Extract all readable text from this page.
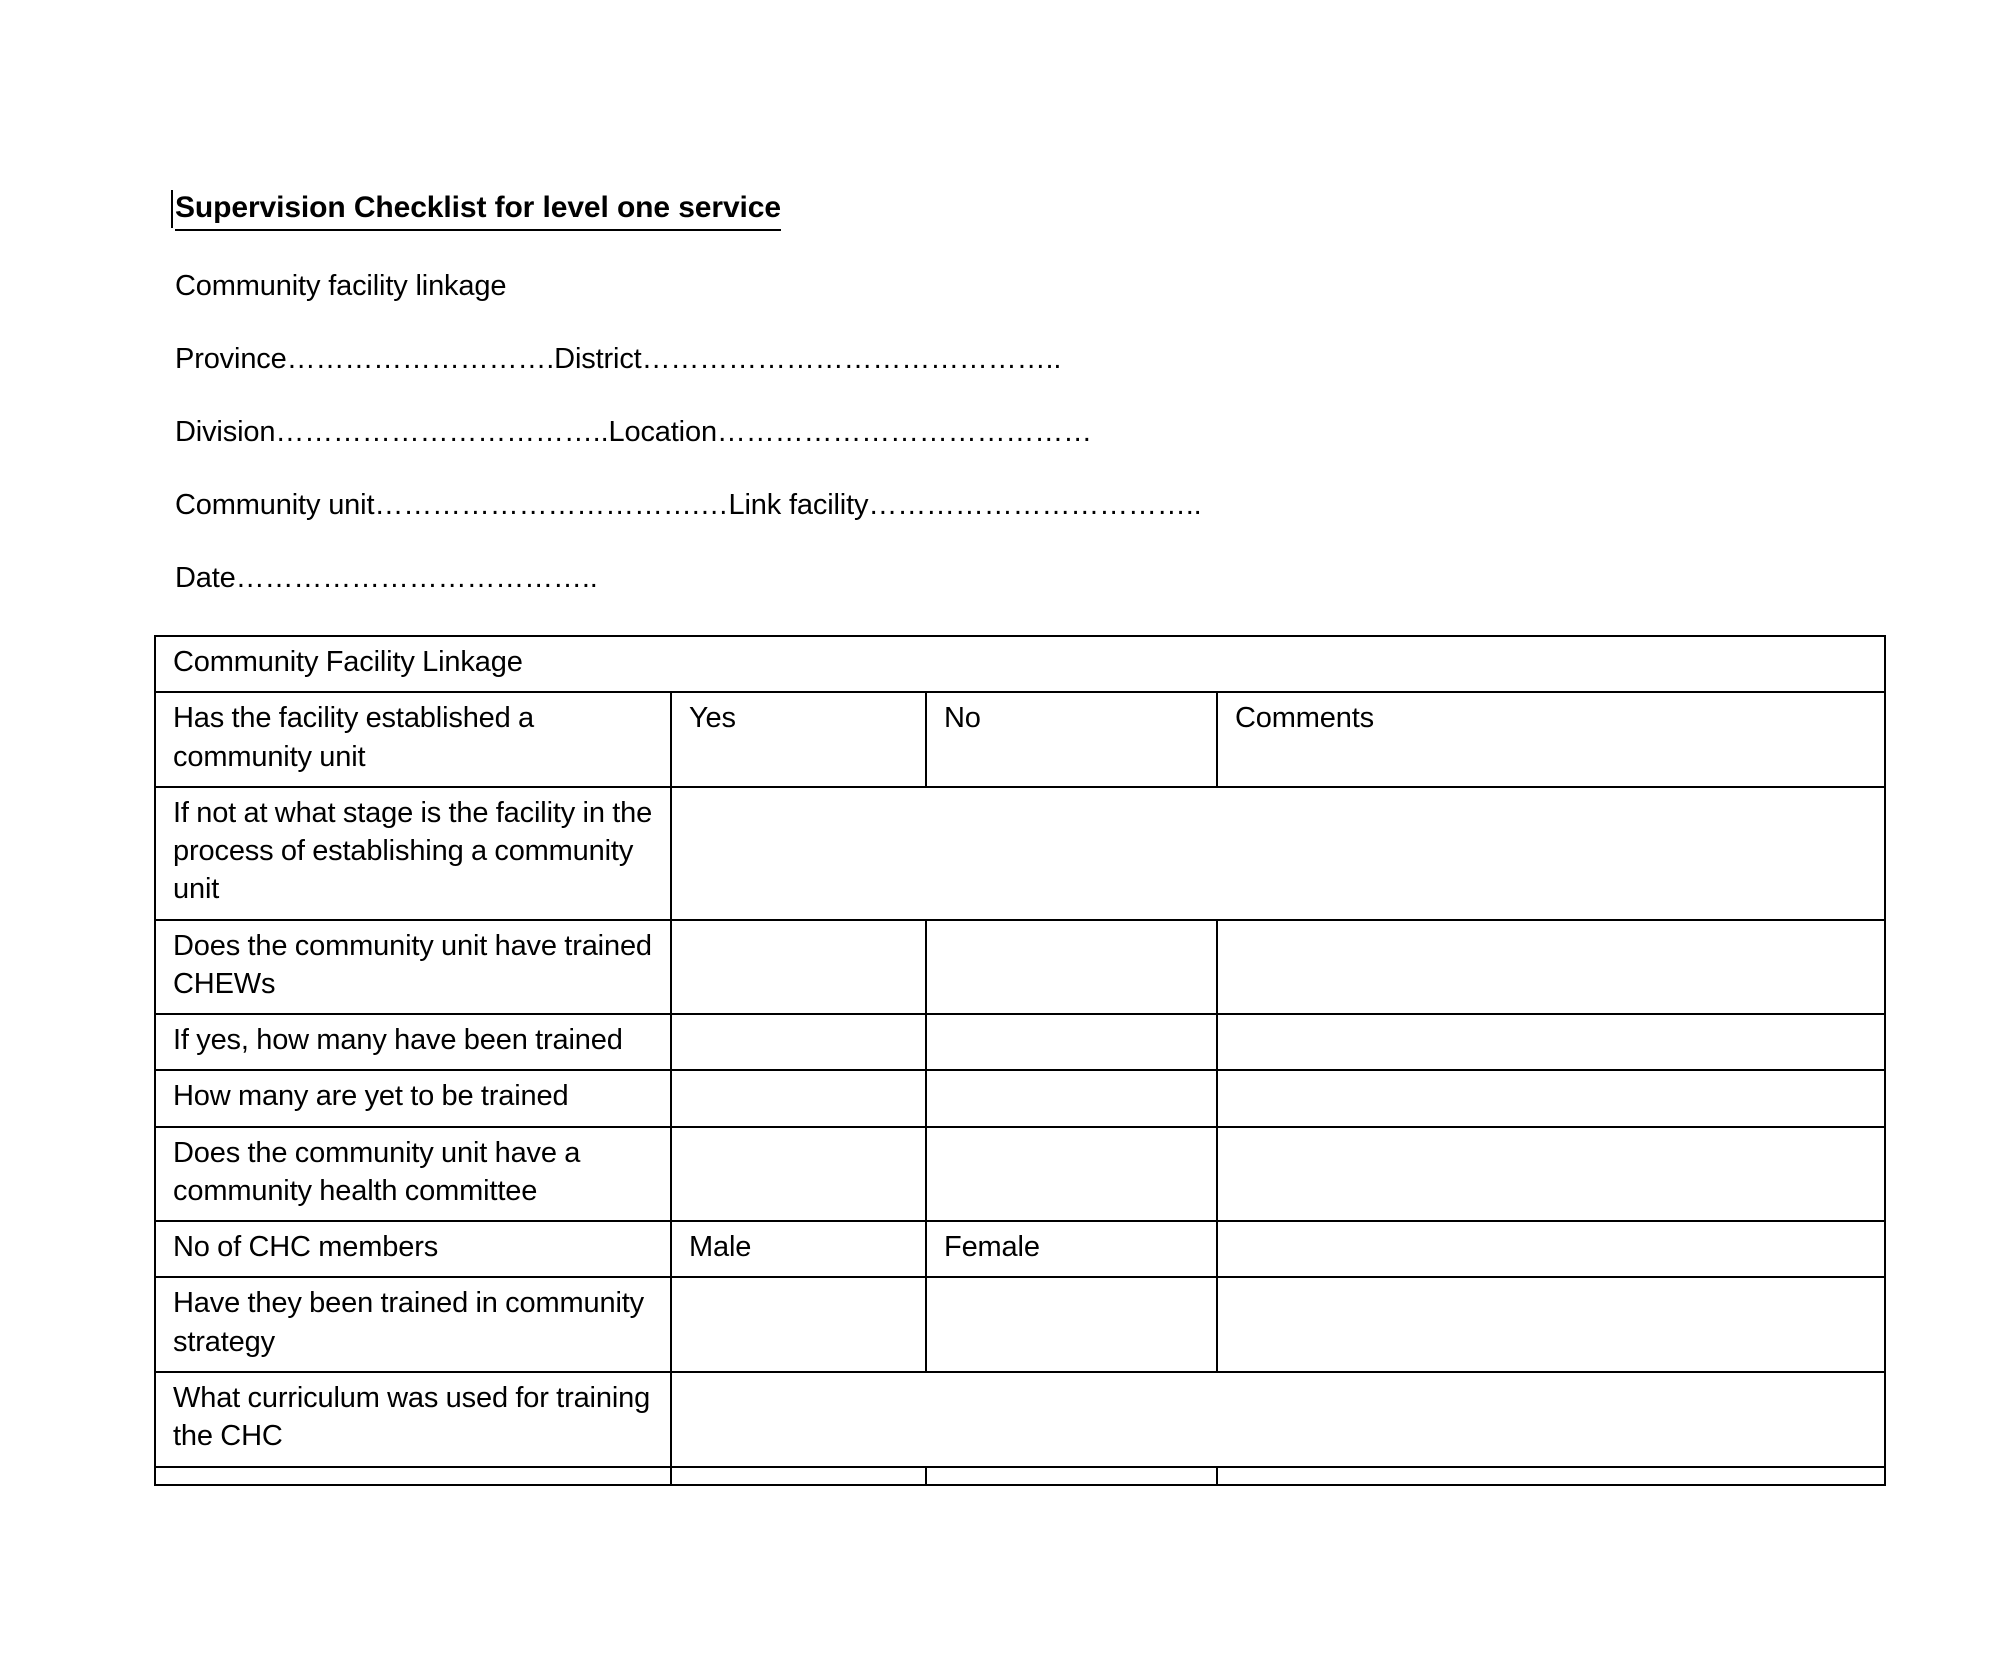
Supervision Checklist for level one service
Community facility linkage
Province……………………….District……………………………………..
Division……………………………..Location…………………………………
Community unit…………………………….…Link facility……………………………..
Date………………………………..
Community Facility Linkage			
Has the facility established a community unit	Yes	No	Comments
If not at what stage is the facility in the process of establishing a community unit			
Does the community unit have trained CHEWs			
If yes, how many have been trained			
How many are yet to be trained			
Does the community unit have a community health committee			
No of CHC members	Male	Female	
Have they been trained in community strategy			
What curriculum was used for training the CHC			
